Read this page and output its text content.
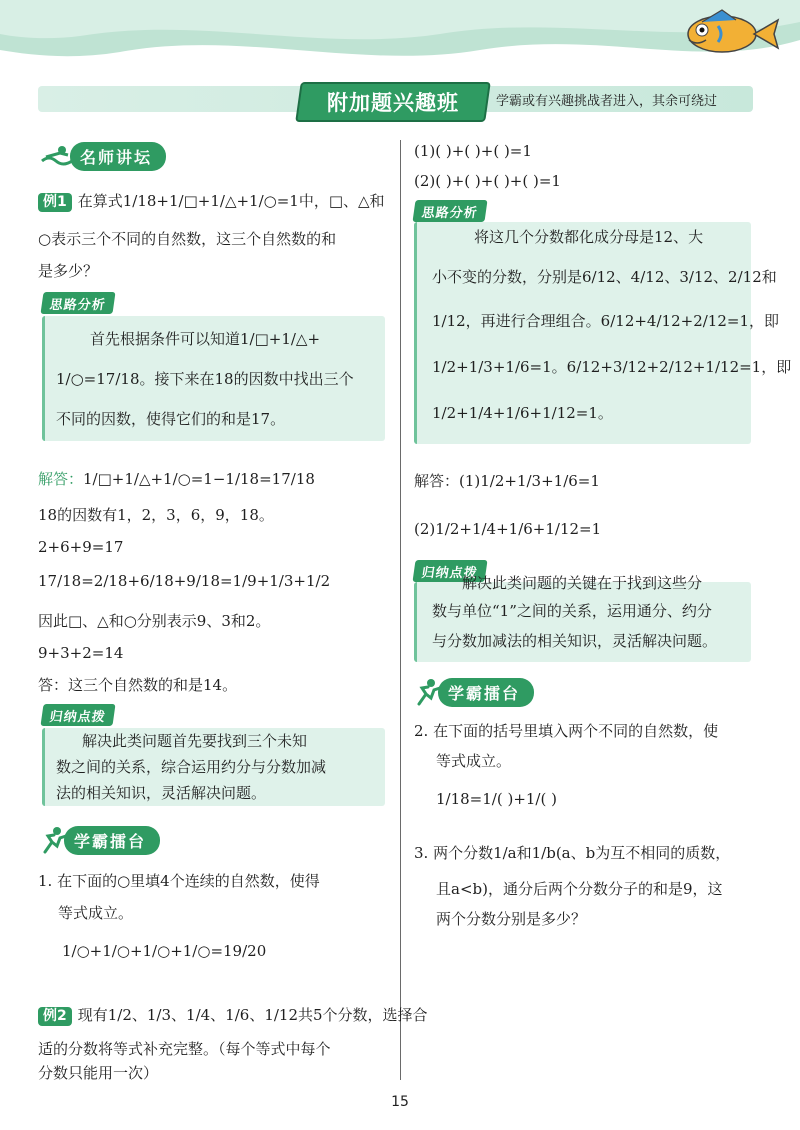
附加题兴趣班	学霸或有兴趣挑战者进入，其余可绕过
名师讲坛
例1 在算式1/18+1/□+1/△+1/○=1中，□、△和
○表示三个不同的自然数，这三个自然数的和
是多少？
思路分析
首先根据条件可以知道1/□+1/△+
1/○=17/18。接下来在18的因数中找出三个
不同的因数，使得它们的和是17。
解答：1/□+1/△+1/○=1−1/18=17/18
18的因数有1，2，3，6，9，18。
2+6+9=17
17/18=2/18+6/18+9/18=1/9+1/3+1/2
因此□、△和○分别表示9、3和2。
9+3+2=14
答：这三个自然数的和是14。
归纳点拨
解决此类问题首先要找到三个未知
数之间的关系，综合运用约分与分数加减
法的相关知识，灵活解决问题。
学霸擂台
1. 在下面的○里填4个连续的自然数，使得
等式成立。
1/○+1/○+1/○+1/○=19/20
例2 现有1/2、1/3、1/4、1/6、1/12共5个分数，选择合
适的分数将等式补充完整。（每个等式中每个
分数只能用一次）
(1)( )+( )+( )=1
(2)( )+( )+( )+( )=1
思路分析
将这几个分数都化成分母是12、大
小不变的分数，分别是6/12、4/12、3/12、2/12和
1/12，再进行合理组合。6/12+4/12+2/12=1，即
1/2+1/3+1/6=1。6/12+3/12+2/12+1/12=1，即
1/2+1/4+1/6+1/12=1。
解答：(1)1/2+1/3+1/6=1
(2)1/2+1/4+1/6+1/12=1
归纳点拨
解决此类问题的关键在于找到这些分
数与单位“1”之间的关系，运用通分、约分
与分数加减法的相关知识，灵活解决问题。
学霸擂台
2. 在下面的括号里填入两个不同的自然数，使
等式成立。
1/18=1/( )+1/( )
3. 两个分数1/a和1/b(a、b为互不相同的质数，
且a<b)，通分后两个分数分子的和是9，这
两个分数分别是多少？
15
